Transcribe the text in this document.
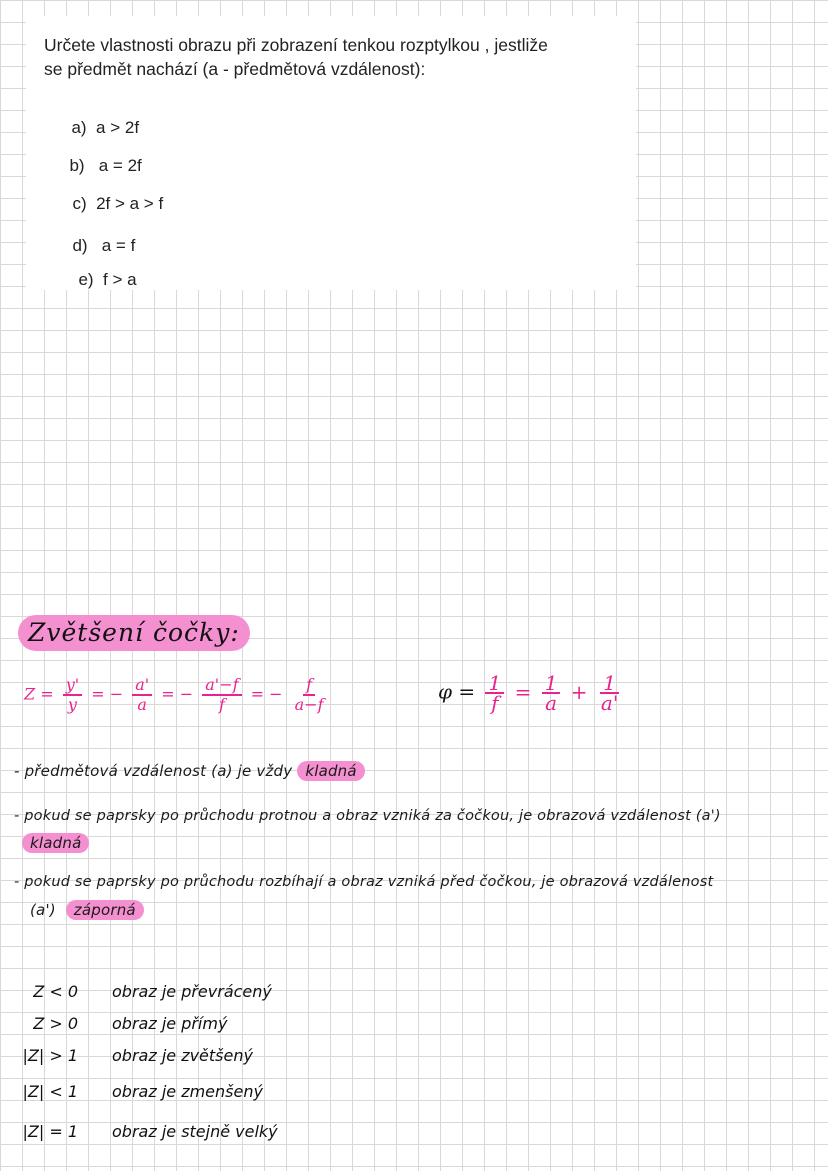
Určete vlastnosti obrazu při zobrazení tenkou rozptylkou , jestliže
se předmět nachází (a - předmětová vzdálenost):

a) a > 2f

b) a = 2f

c) 2f > a > f

d) a = f

e) f > a

Zvětšení čočky:
$Z = \frac{y'}{y}$ = − $\frac{a'}{a}$ = − $\frac{a'-f}{f}$ = − $\frac{f}{a-f}$	$\varphi = \frac{1}{f} = \frac{1}{a} + \frac{1}{a'}$
- předmětová vzdálenost (a) je vždy kladná
- pokud se paprsky po průchodu protnou a obraz vzniká za čočkou, je obrazová vzdálenost (a')
kladná
- pokud se paprsky po průchodu rozbíhají a obraz vzniká před čočkou, je obrazová vzdálenost
(a') záporná
Z < 0 obraz je převrácený
Z > 0 obraz je přímý
|Z| > 1 obraz je zvětšený
|Z| < 1 obraz je zmenšený
|Z| = 1 obraz je stejně velký
